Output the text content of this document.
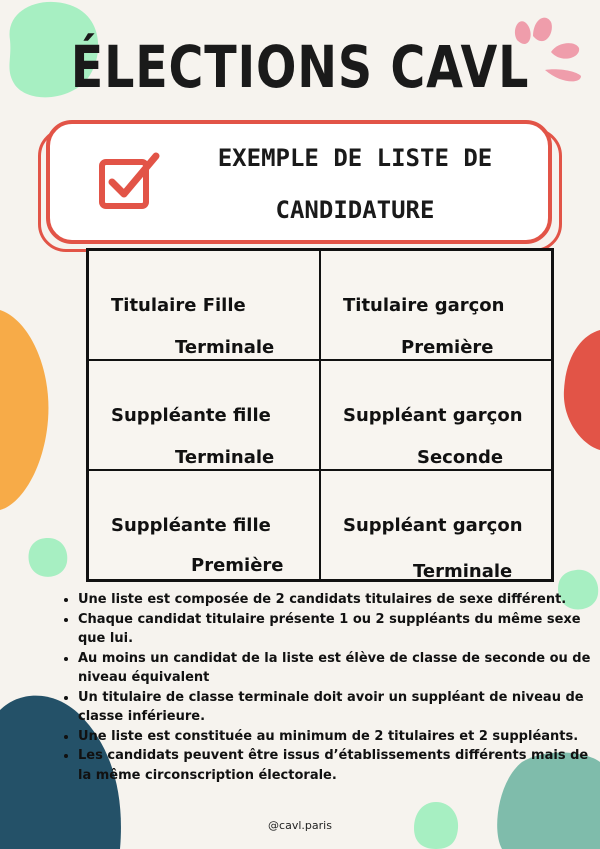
ÉLECTIONS CAVL
EXEMPLE DE LISTE DE
CANDIDATURE
Titulaire Fille
Terminale
Titulaire garçon
Première
Suppléante fille
Terminale
Suppléant garçon
Seconde
Suppléante fille
Première
Suppléant garçon
Terminale
• Une liste est composée de 2 candidats titulaires de sexe différent.
• Chaque candidat titulaire présente 1 ou 2 suppléants du même sexe que lui.
• Au moins un candidat de la liste est élève de classe de seconde ou de niveau équivalent
• Un titulaire de classe terminale doit avoir un suppléant de niveau de classe inférieure.
• Une liste est constituée au minimum de 2 titulaires et 2 suppléants.
• Les candidats peuvent être issus d’établissements différents mais de la même circonscription électorale.
@cavl.paris
